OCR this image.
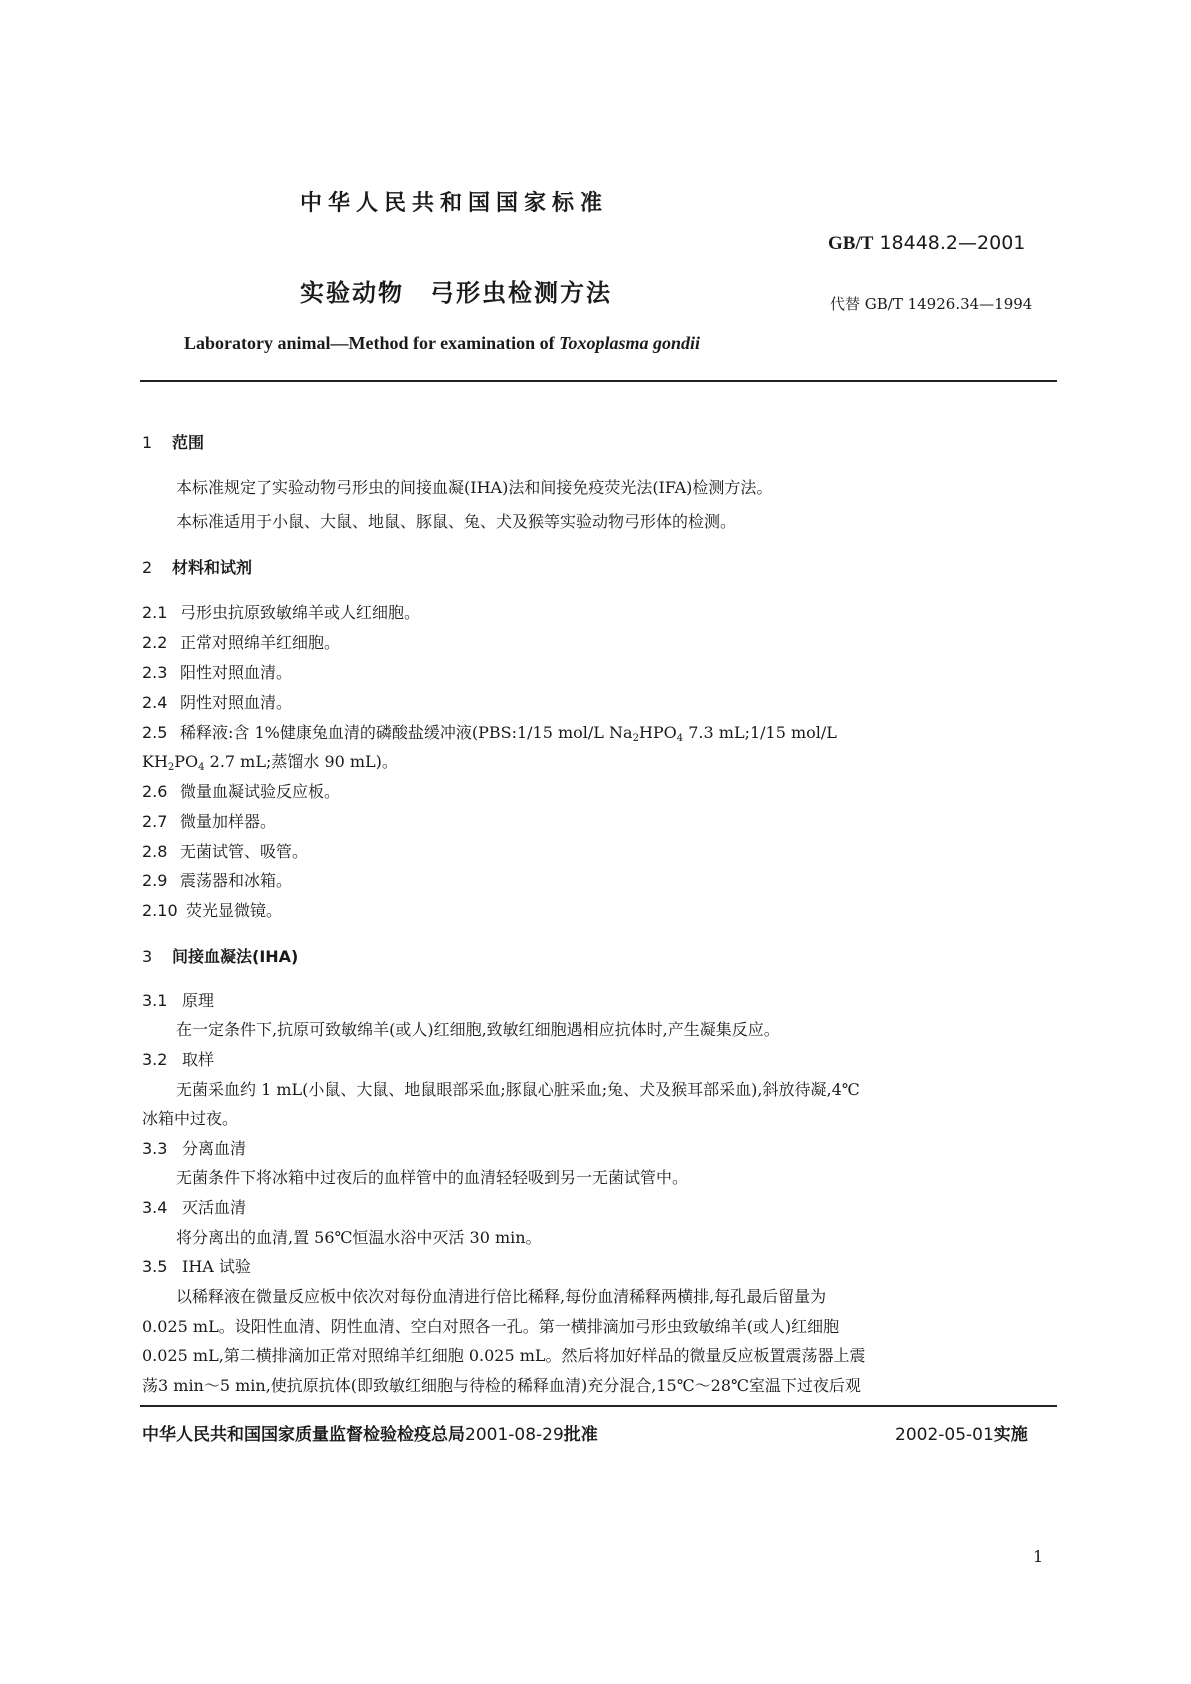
中华人民共和国国家标准
GB/T 18448.2—2001
实验动物　弓形虫检测方法	代替 GB/T 14926.34—1994
Laboratory animal—Method for examination of Toxoplasma gondii
1 范围
本标准规定了实验动物弓形虫的间接血凝(IHA)法和间接免疫荧光法(IFA)检测方法。
本标准适用于小鼠、大鼠、地鼠、豚鼠、兔、犬及猴等实验动物弓形体的检测。
2 材料和试剂
2.1 弓形虫抗原致敏绵羊或人红细胞。
2.2 正常对照绵羊红细胞。
2.3 阳性对照血清。
2.4 阴性对照血清。
2.5 稀释液:含 1%健康兔血清的磷酸盐缓冲液(PBS:1/15 mol/L $Na_2HPO_4$ 7.3 mL;1/15 mol/L
$KH_2PO_4$ 2.7 mL;蒸馏水 90 mL)。
2.6 微量血凝试验反应板。
2.7 微量加样器。
2.8 无菌试管、吸管。
2.9 震荡器和冰箱。
2.10 荧光显微镜。
3 间接血凝法(IHA)
3.1 原理
在一定条件下,抗原可致敏绵羊(或人)红细胞,致敏红细胞遇相应抗体时,产生凝集反应。
3.2 取样
无菌采血约 1 mL(小鼠、大鼠、地鼠眼部采血;豚鼠心脏采血;兔、犬及猴耳部采血),斜放待凝,4℃
冰箱中过夜。
3.3 分离血清
无菌条件下将冰箱中过夜后的血样管中的血清轻轻吸到另一无菌试管中。
3.4 灭活血清
将分离出的血清,置 56℃恒温水浴中灭活 30 min。
3.5 IHA 试验
以稀释液在微量反应板中依次对每份血清进行倍比稀释,每份血清稀释两横排,每孔最后留量为
0.025 mL。设阳性血清、阴性血清、空白对照各一孔。第一横排滴加弓形虫致敏绵羊(或人)红细胞
0.025 mL,第二横排滴加正常对照绵羊红细胞 0.025 mL。然后将加好样品的微量反应板置震荡器上震
荡3 min～5 min,使抗原抗体(即致敏红细胞与待检的稀释血清)充分混合,15℃～28℃室温下过夜后观
中华人民共和国国家质量监督检验检疫总局2001-08-29批准	2002-05-01实施
1
